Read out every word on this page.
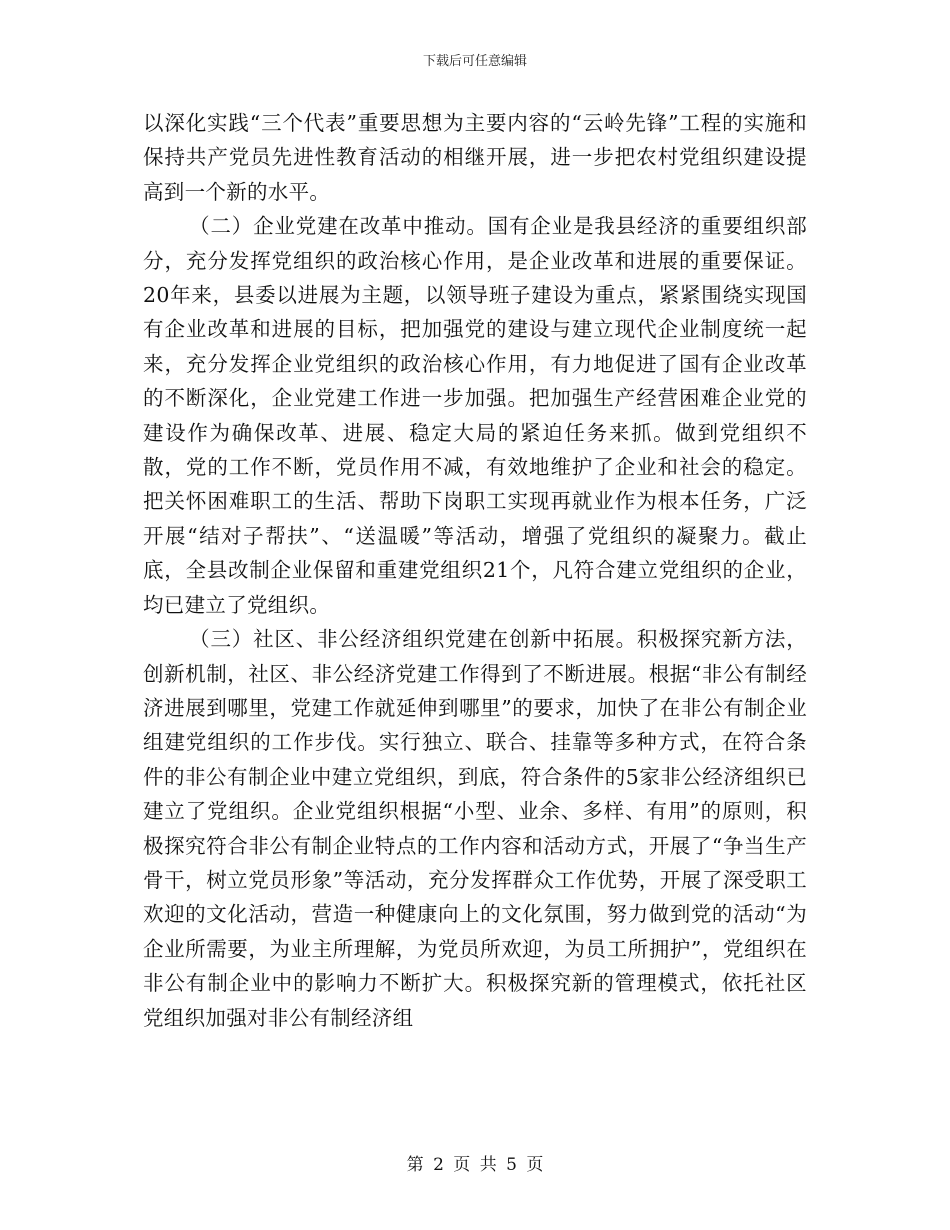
下载后可任意编辑

以深化实践“三个代表”重要思想为主要内容的“云岭先锋”工程的实施和保持共产党员先进性教育活动的相继开展，进一步把农村党组织建设提高到一个新的水平。

（二）企业党建在改革中推动。国有企业是我县经济的重要组织部分，充分发挥党组织的政治核心作用，是企业改革和进展的重要保证。20年来，县委以进展为主题，以领导班子建设为重点，紧紧围绕实现国有企业改革和进展的目标，把加强党的建设与建立现代企业制度统一起来，充分发挥企业党组织的政治核心作用，有力地促进了国有企业改革的不断深化，企业党建工作进一步加强。把加强生产经营困难企业党的建设作为确保改革、进展、稳定大局的紧迫任务来抓。做到党组织不散，党的工作不断，党员作用不减，有效地维护了企业和社会的稳定。把关怀困难职工的生活、帮助下岗职工实现再就业作为根本任务，广泛开展“结对子帮扶”、“送温暖”等活动，增强了党组织的凝聚力。截止底，全县改制企业保留和重建党组织21个，凡符合建立党组织的企业，均已建立了党组织。

（三）社区、非公经济组织党建在创新中拓展。积极探究新方法，创新机制，社区、非公经济党建工作得到了不断进展。根据“非公有制经济进展到哪里，党建工作就延伸到哪里”的要求，加快了在非公有制企业组建党组织的工作步伐。实行独立、联合、挂靠等多种方式，在符合条件的非公有制企业中建立党组织，到底，符合条件的5家非公经济组织已建立了党组织。企业党组织根据“小型、业余、多样、有用”的原则，积极探究符合非公有制企业特点的工作内容和活动方式，开展了“争当生产骨干，树立党员形象”等活动，充分发挥群众工作优势，开展了深受职工欢迎的文化活动，营造一种健康向上的文化氛围，努力做到党的活动“为企业所需要，为业主所理解，为党员所欢迎，为员工所拥护”，党组织在非公有制企业中的影响力不断扩大。积极探究新的管理模式，依托社区党组织加强对非公有制经济组

第 2 页 共 5 页
